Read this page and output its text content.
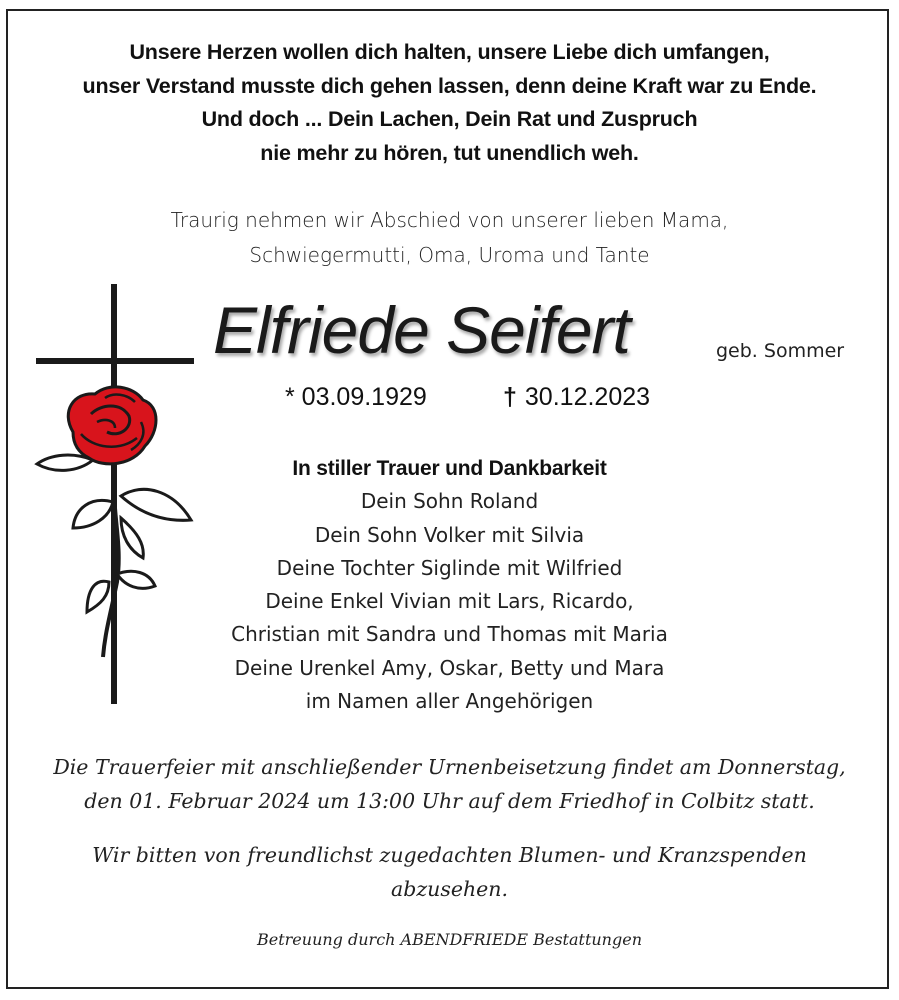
Unsere Herzen wollen dich halten, unsere Liebe dich umfangen,
unser Verstand musste dich gehen lassen, denn deine Kraft war zu Ende.
Und doch ... Dein Lachen, Dein Rat und Zuspruch
nie mehr zu hören, tut unendlich weh.
Traurig nehmen wir Abschied von unserer lieben Mama,
Schwiegermutti, Oma, Uroma und Tante
Elfriede Seifert	geb. Sommer
* 03.09.1929	† 30.12.2023
In stiller Trauer und Dankbarkeit
Dein Sohn Roland
Dein Sohn Volker mit Silvia
Deine Tochter Siglinde mit Wilfried
Deine Enkel Vivian mit Lars, Ricardo,
Christian mit Sandra und Thomas mit Maria
Deine Urenkel Amy, Oskar, Betty und Mara
im Namen aller Angehörigen
Die Trauerfeier mit anschließender Urnenbeisetzung findet am Donnerstag,
den 01. Februar 2024 um 13:00 Uhr auf dem Friedhof in Colbitz statt.
Wir bitten von freundlichst zugedachten Blumen- und Kranzspenden
abzusehen.
Betreuung durch ABENDFRIEDE Bestattungen
